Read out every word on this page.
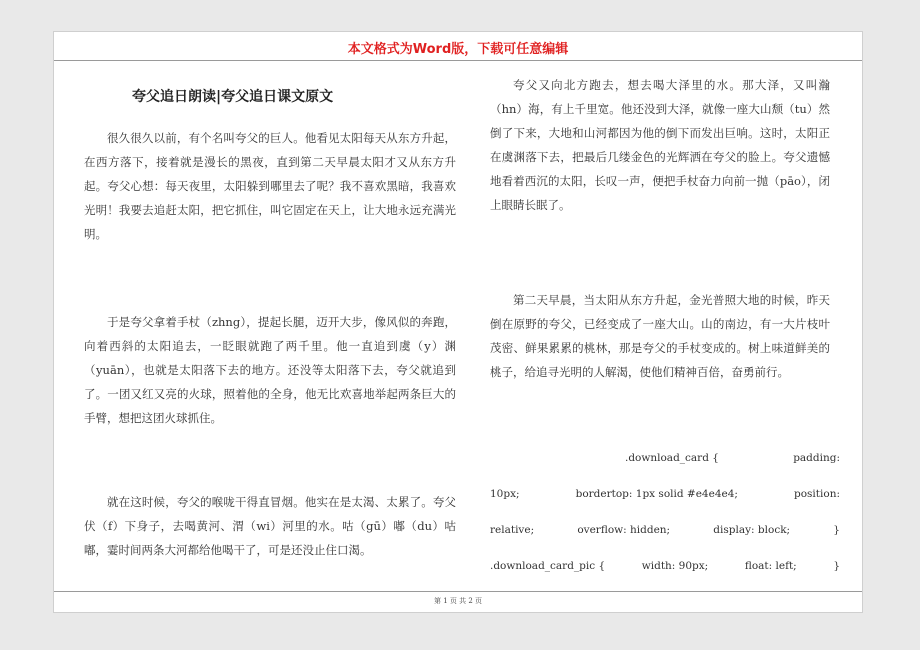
本文格式为Word版，下载可任意编辑
夸父追日朗读|夸父追日课文原文

很久很久以前，有个名叫夸父的巨人。他看见太阳每天从东方升起，在西方落下，接着就是漫长的黑夜，直到第二天早晨太阳才又从东方升起。夸父心想：每天夜里，太阳躲到哪里去了呢？我不喜欢黑暗，我喜欢光明！我要去追赶太阳，把它抓住，叫它固定在天上，让大地永远充满光明。

于是夸父拿着手杖（zhng），提起长腿，迈开大步，像风似的奔跑，向着西斜的太阳追去，一眨眼就跑了两千里。他一直追到虞（y）渊（yuān），也就是太阳落下去的地方。还没等太阳落下去，夸父就追到了。一团又红又亮的火球，照着他的全身，他无比欢喜地举起两条巨大的手臂，想把这团火球抓住。

就在这时候，夸父的喉咙干得直冒烟。他实在是太渴、太累了。夸父伏（f）下身子，去喝黄河、渭（wi）河里的水。咕（gū）嘟（du）咕嘟，霎时间两条大河都给他喝干了，可是还没止住口渴。

夸父又向北方跑去，想去喝大泽里的水。那大泽，又叫瀚（hn）海，有上千里宽。他还没到大泽，就像一座大山颓（tu）然倒了下来，大地和山河都因为他的倒下而发出巨响。这时，太阳正在虞渊落下去，把最后几缕金色的光辉洒在夸父的脸上。夸父遗憾地看着西沉的太阳，长叹一声，便把手杖奋力向前一抛（pāo），闭上眼睛长眠了。

第二天早晨，当太阳从东方升起，金光普照大地的时候，昨天倒在原野的夸父，已经变成了一座大山。山的南边，有一大片枝叶茂密、鲜果累累的桃林，那是夸父的手杖变成的。树上味道鲜美的桃子，给追寻光明的人解渴，使他们精神百倍，奋勇前行。

.download_card {	padding:
10px;	bordertop: 1px solid #e4e4e4;	position:
relative;	overflow: hidden;	display: block;	}
.download_card_pic {	width: 90px;	float: left;	}
第 1 页 共 2 页
